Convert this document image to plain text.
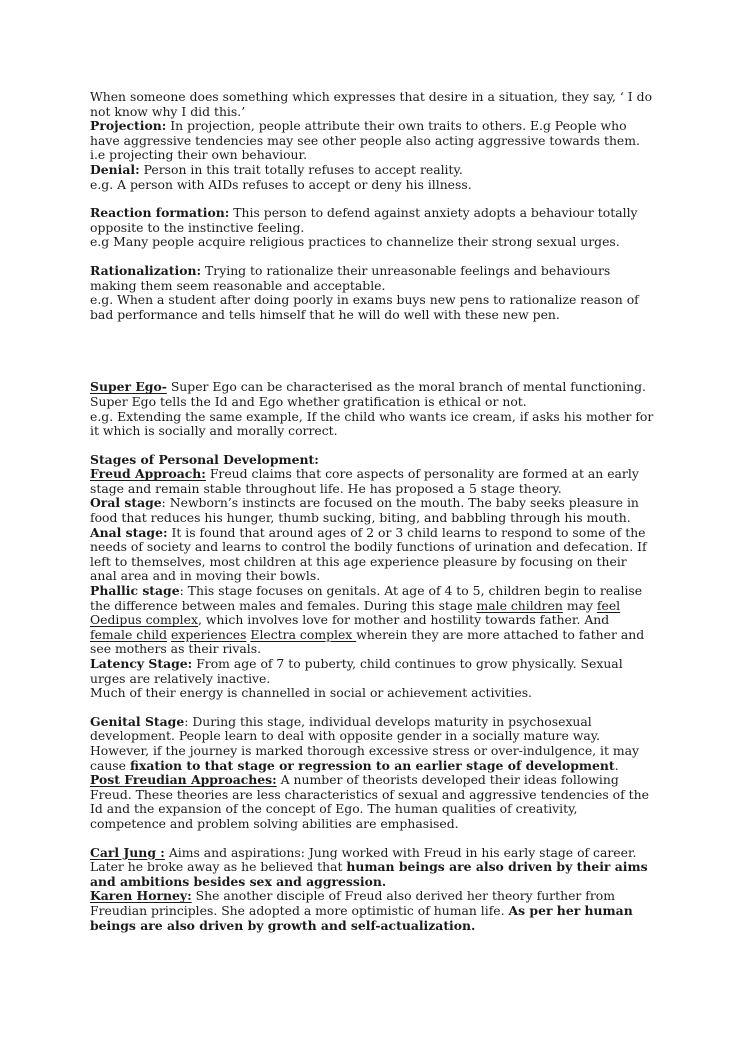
When someone does something which expresses that desire in a situation, they say, ‘ I do not know why I did this.’

Projection: In projection, people attribute their own traits to others. E.g People who have aggressive tendencies may see other people also acting aggressive towards them. i.e projecting their own behaviour.

Denial: Person in this trait totally refuses to accept reality.

e.g. A person with AIDs refuses to accept or deny his illness.

Reaction formation: This person to defend against anxiety adopts a behaviour totally opposite to the instinctive feeling.

e.g Many people acquire religious practices to channelize their strong sexual urges.

Rationalization: Trying to rationalize their unreasonable feelings and behaviours making them seem reasonable and acceptable.

e.g. When a student after doing poorly in exams buys new pens to rationalize reason of bad performance and tells himself that he will do well with these new pen.

Super Ego- Super Ego can be characterised as the moral branch of mental functioning. Super Ego tells the Id and Ego whether gratification is ethical or not.

e.g. Extending the same example, If the child who wants ice cream, if asks his mother for it which is socially and morally correct.

Stages of Personal Development:

Freud Approach: Freud claims that core aspects of personality are formed at an early stage and remain stable throughout life. He has proposed a 5 stage theory.

Oral stage: Newborn’s instincts are focused on the mouth. The baby seeks pleasure in food that reduces his hunger, thumb sucking, biting, and babbling through his mouth.

Anal stage: It is found that around ages of 2 or 3 child learns to respond to some of the needs of society and learns to control the bodily functions of urination and defecation. If left to themselves, most children at this age experience pleasure by focusing on their anal area and in moving their bowls.

Phallic stage: This stage focuses on genitals. At age of 4 to 5, children begin to realise the difference between males and females. During this stage male children may feel Oedipus complex, which involves love for mother and hostility towards father. And female child experiences Electra complex wherein they are more attached to father and see mothers as their rivals.

Latency Stage: From age of 7 to puberty, child continues to grow physically. Sexual urges are relatively inactive.

Much of their energy is channelled in social or achievement activities.

Genital Stage: During this stage, individual develops maturity in psychosexual development. People learn to deal with opposite gender in a socially mature way. However, if the journey is marked thorough excessive stress or over-indulgence, it may cause fixation to that stage or regression to an earlier stage of development.

Post Freudian Approaches: A number of theorists developed their ideas following Freud. These theories are less characteristics of sexual and aggressive tendencies of the Id and the expansion of the concept of Ego. The human qualities of creativity, competence and problem solving abilities are emphasised.

Carl Jung : Aims and aspirations: Jung worked with Freud in his early stage of career. Later he broke away as he believed that human beings are also driven by their aims and ambitions besides sex and aggression.

Karen Horney: She another disciple of Freud also derived her theory further from Freudian principles. She adopted a more optimistic of human life. As per her human beings are also driven by growth and self-actualization.
